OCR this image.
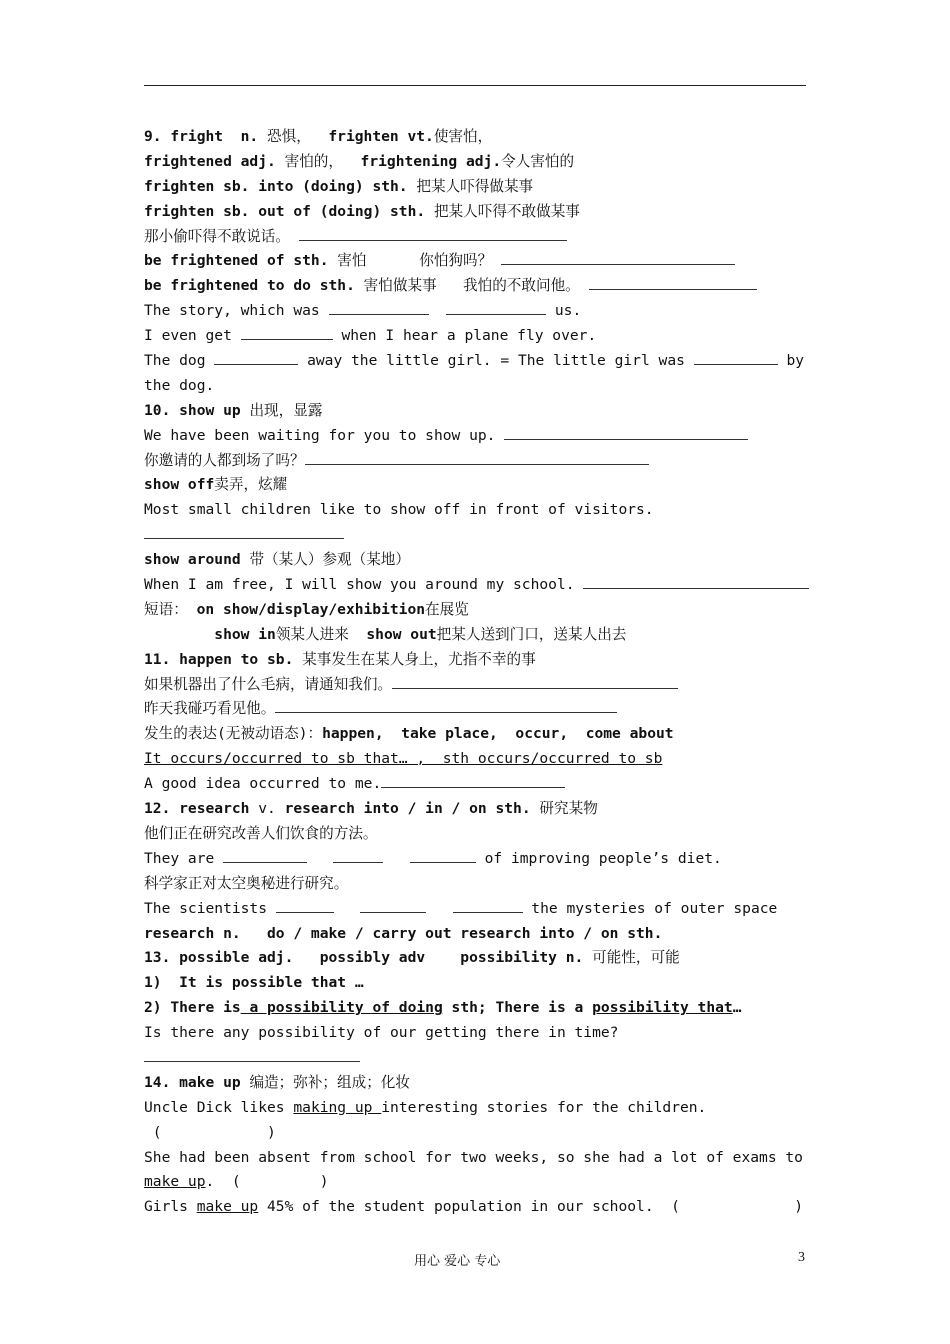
9. fright  n. 恐惧，  frighten vt.使害怕，
frightened adj. 害怕的，  frightening adj.令人害怕的
frighten sb. into (doing) sth. 把某人吓得做某事
frighten sb. out of (doing) sth. 把某人吓得不敢做某事
那小偷吓得不敢说话。
be frightened of sth. 害怕	你怕狗吗？
be frightened to do sth. 害怕做某事 我怕的不敢问他。
The story, which was	us.
I even get	when I hear a plane fly over.
The dog	away the little girl. = The little girl was	by
the dog.
10. show up 出现，显露
We have been waiting for you to show up.
你邀请的人都到场了吗？
show off卖弄，炫耀
Most small children like to show off in front of visitors.
show around 带（某人）参观（某地）
When I am free, I will show you around my school.
短语： on show/display/exhibition在展览
show in领某人进来 show out把某人送到门口，送某人出去
11. happen to sb. 某事发生在某人身上，尤指不幸的事
如果机器出了什么毛病，请通知我们。
昨天我碰巧看见他。
发生的表达(无被动语态)：happen,  take place,  occur,  come about
It occurs/occurred to sb that… ,  sth occurs/occurred to sb
A good idea occurred to me.
12. research v. research into / in / on sth. 研究某物
他们正在研究改善人们饮食的方法。
They are	of improving people’s diet.
科学家正对太空奥秘进行研究。
The scientists	the mysteries of outer space
research n.   do / make / carry out research into / on sth.
13. possible adj.   possibly adv    possibility n. 可能性，可能
1)  It is possible that …
2) There is a possibility of doing sth; There is a possibility that…
Is there any possibility of our getting there in time?
14. make up 编造；弥补；组成；化妆
Uncle Dick likes making up interesting stories for the children.
(            )
She had been absent from school for two weeks, so she had a lot of exams to
make up.  (         )
Girls make up 45% of the student population in our school.  (             )
用心 爱心 专心	3
